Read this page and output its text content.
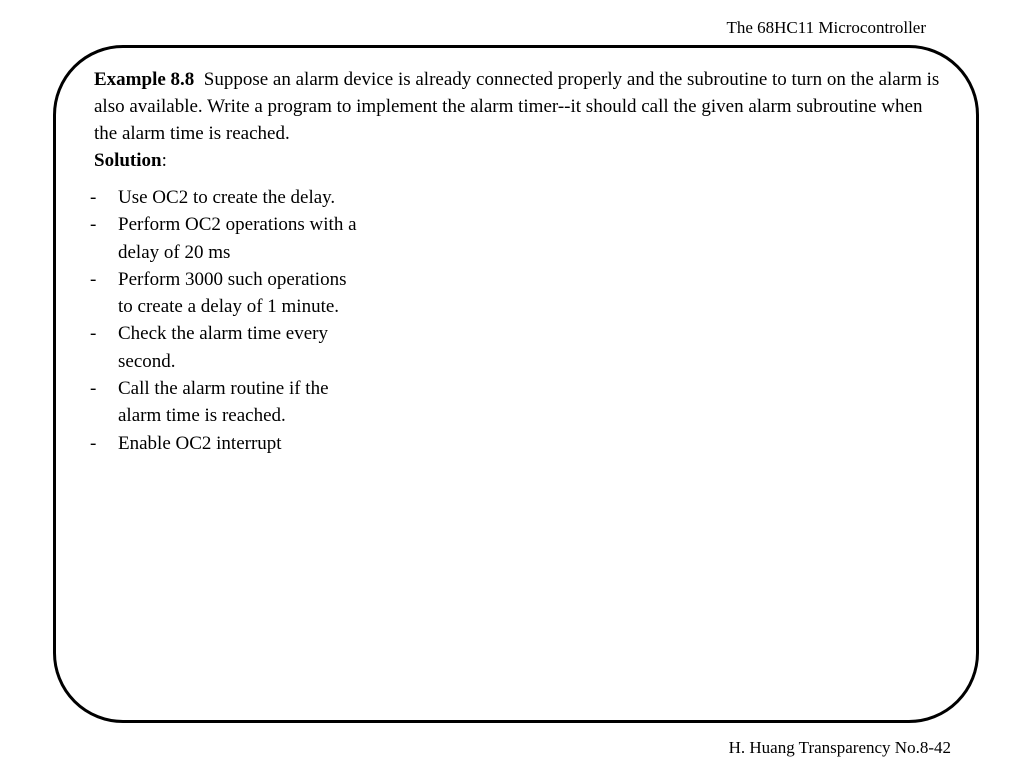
The 68HC11 Microcontroller
Example 8.8 Suppose an alarm device is already connected properly and the subroutine to turn on the alarm is also available. Write a program to implement the alarm timer--it should call the given alarm subroutine when the alarm time is reached.
Solution:
- Use OC2 to create the delay.
- Perform OC2 operations with a delay of 20 ms
- Perform 3000 such operations to create a delay of 1 minute.
- Check the alarm time every second.
- Call the alarm routine if the alarm time is reached.
- Enable OC2 interrupt
H. Huang Transparency No.8-42
